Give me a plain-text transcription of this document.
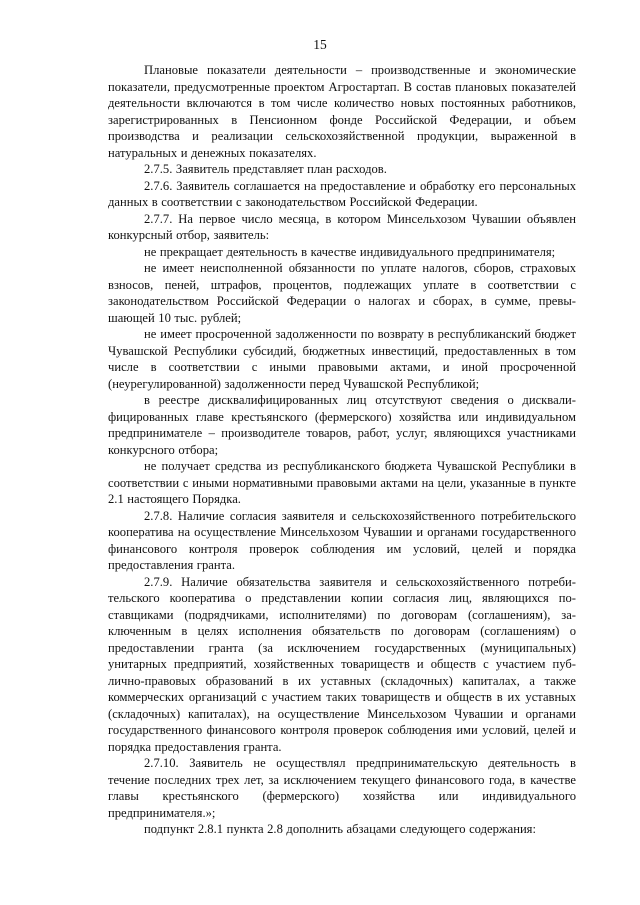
15

Плановые показатели деятельности – производственные и экономические показатели, предусмотренные проектом Агростартап. В состав плановых показателей деятельности включаются в том числе количество новых постоянных работников, зарегистрированных в Пенсионном фонде Российской Федерации, и объем производства и реализации сельскохозяйственной продукции, выраженной в натуральных и денежных показателях.

2.7.5. Заявитель представляет план расходов.

2.7.6. Заявитель соглашается на предоставление и обработку его персональных данных в соответствии с законодательством Российской Федерации.

2.7.7. На первое число месяца, в котором Минсельхозом Чувашии объявлен конкурсный отбор, заявитель:

не прекращает деятельность в качестве индивидуального предпринимателя;

не имеет неисполненной обязанности по уплате налогов, сборов, страховых взносов, пеней, штрафов, процентов, подлежащих уплате в соответствии с законодательством Российской Федерации о налогах и сборах, в сумме, превышающей 10 тыс. рублей;

не имеет просроченной задолженности по возврату в республиканский бюджет Чувашской Республики субсидий, бюджетных инвестиций, предоставленных в том числе в соответствии с иными правовыми актами, и иной просроченной (неурегулированной) задолженности перед Чувашской Республикой;

в реестре дисквалифицированных лиц отсутствуют сведения о дисквалифицированных главе крестьянского (фермерского) хозяйства или индивидуальном предпринимателе – производителе товаров, работ, услуг, являющихся участниками конкурсного отбора;

не получает средства из республиканского бюджета Чувашской Республики в соответствии с иными нормативными правовыми актами на цели, указанные в пункте 2.1 настоящего Порядка.

2.7.8. Наличие согласия заявителя и сельскохозяйственного потребительского кооператива на осуществление Минсельхозом Чувашии и органами государственного финансового контроля проверок соблюдения им условий, целей и порядка предоставления гранта.

2.7.9. Наличие обязательства заявителя и сельскохозяйственного потребительского кооператива о представлении копии согласия лиц, являющихся поставщиками (подрядчиками, исполнителями) по договорам (соглашениям), заключенным в целях исполнения обязательств по договорам (соглашениям) о предоставлении гранта (за исключением государственных (муниципальных) унитарных предприятий, хозяйственных товариществ и обществ с участием публично-правовых образований в их уставных (складочных) капиталах, а также коммерческих организаций с участием таких товариществ и обществ в их уставных (складочных) капиталах), на осуществление Минсельхозом Чувашии и органами государственного финансового контроля проверок соблюдения ими условий, целей и порядка предоставления гранта.

2.7.10. Заявитель не осуществлял предпринимательскую деятельность в течение последних трех лет, за исключением текущего финансового года, в качестве главы крестьянского (фермерского) хозяйства или индивидуального предпринимателя.»;

подпункт 2.8.1 пункта 2.8 дополнить абзацами следующего содержания:
